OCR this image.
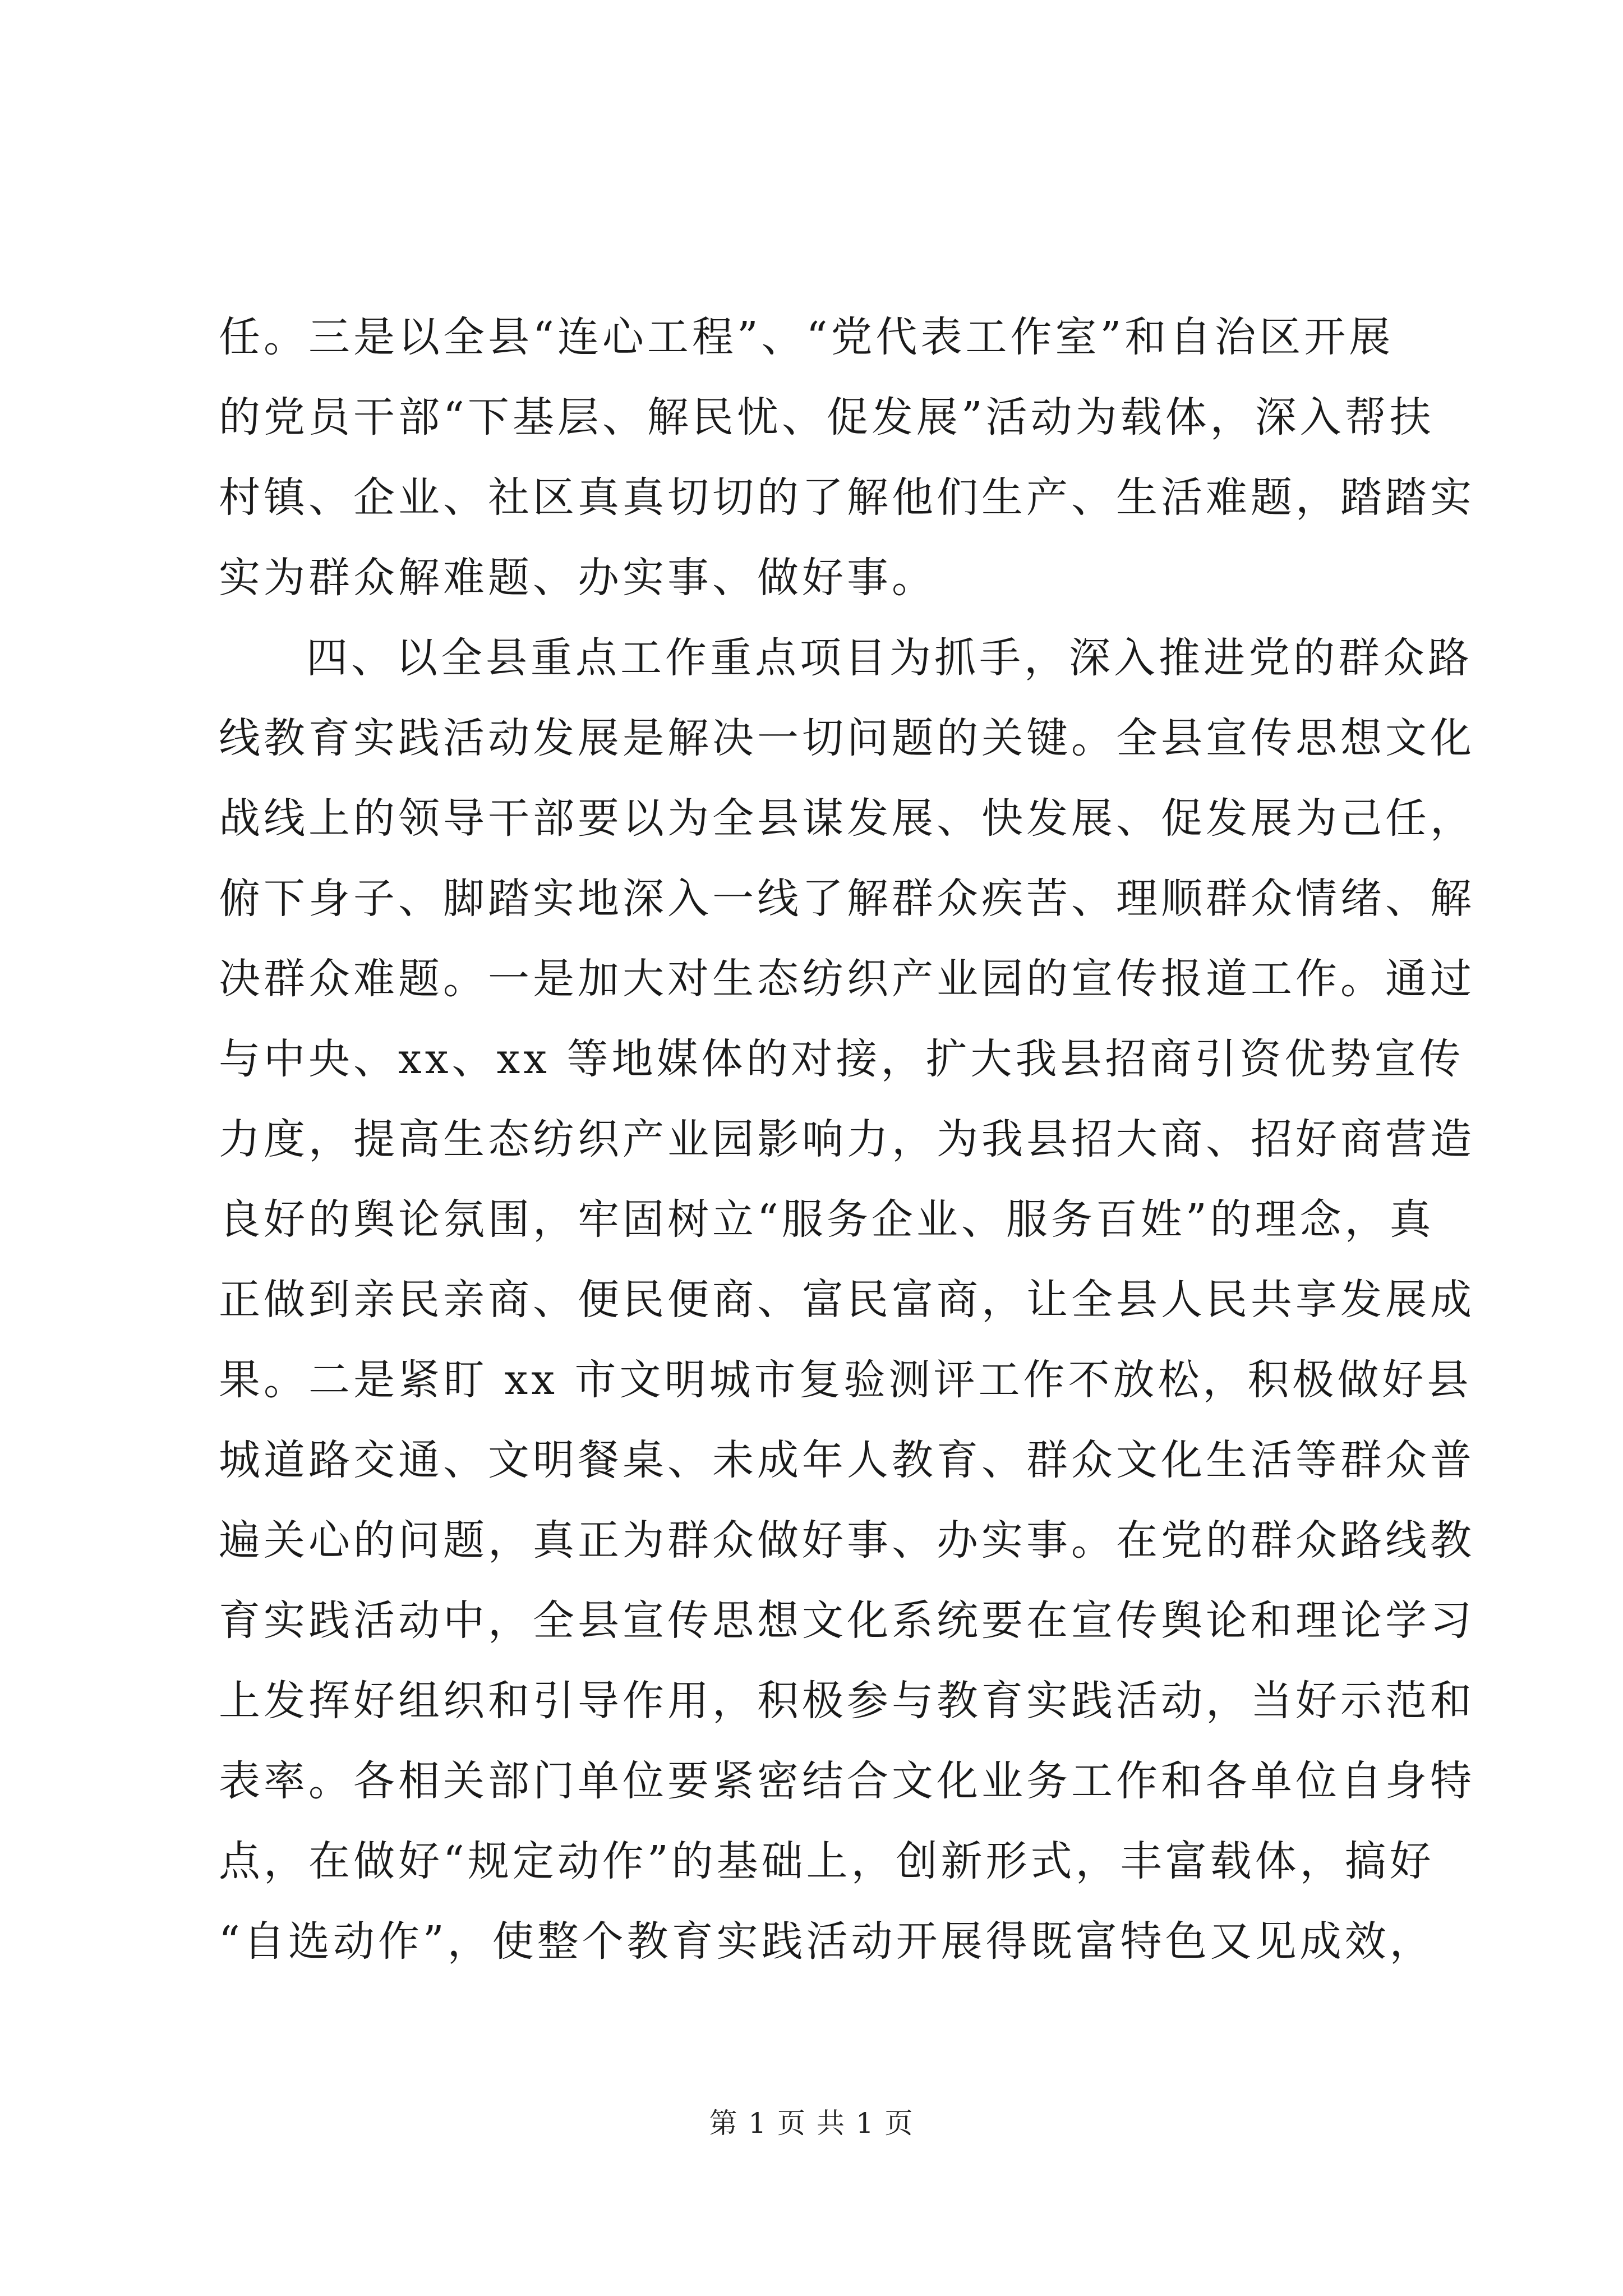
任。三是以全县“连心工程”、“党代表工作室”和自治区开展
的党员干部“下基层、解民忧、促发展”活动为载体，深入帮扶
村镇、企业、社区真真切切的了解他们生产、生活难题，踏踏实
实为群众解难题、办实事、做好事。
四、以全县重点工作重点项目为抓手，深入推进党的群众路
线教育实践活动发展是解决一切问题的关键。全县宣传思想文化
战线上的领导干部要以为全县谋发展、快发展、促发展为己任，
俯下身子、脚踏实地深入一线了解群众疾苦、理顺群众情绪、解
决群众难题。一是加大对生态纺织产业园的宣传报道工作。通过
与中央、xx、xx 等地媒体的对接，扩大我县招商引资优势宣传
力度，提高生态纺织产业园影响力，为我县招大商、招好商营造
良好的舆论氛围，牢固树立“服务企业、服务百姓”的理念，真
正做到亲民亲商、便民便商、富民富商，让全县人民共享发展成
果。二是紧盯 xx 市文明城市复验测评工作不放松，积极做好县
城道路交通、文明餐桌、未成年人教育、群众文化生活等群众普
遍关心的问题，真正为群众做好事、办实事。在党的群众路线教
育实践活动中，全县宣传思想文化系统要在宣传舆论和理论学习
上发挥好组织和引导作用，积极参与教育实践活动，当好示范和
表率。各相关部门单位要紧密结合文化业务工作和各单位自身特
点，在做好“规定动作”的基础上，创新形式，丰富载体，搞好
“自选动作”，使整个教育实践活动开展得既富特色又见成效，
第 1 页 共 1 页
